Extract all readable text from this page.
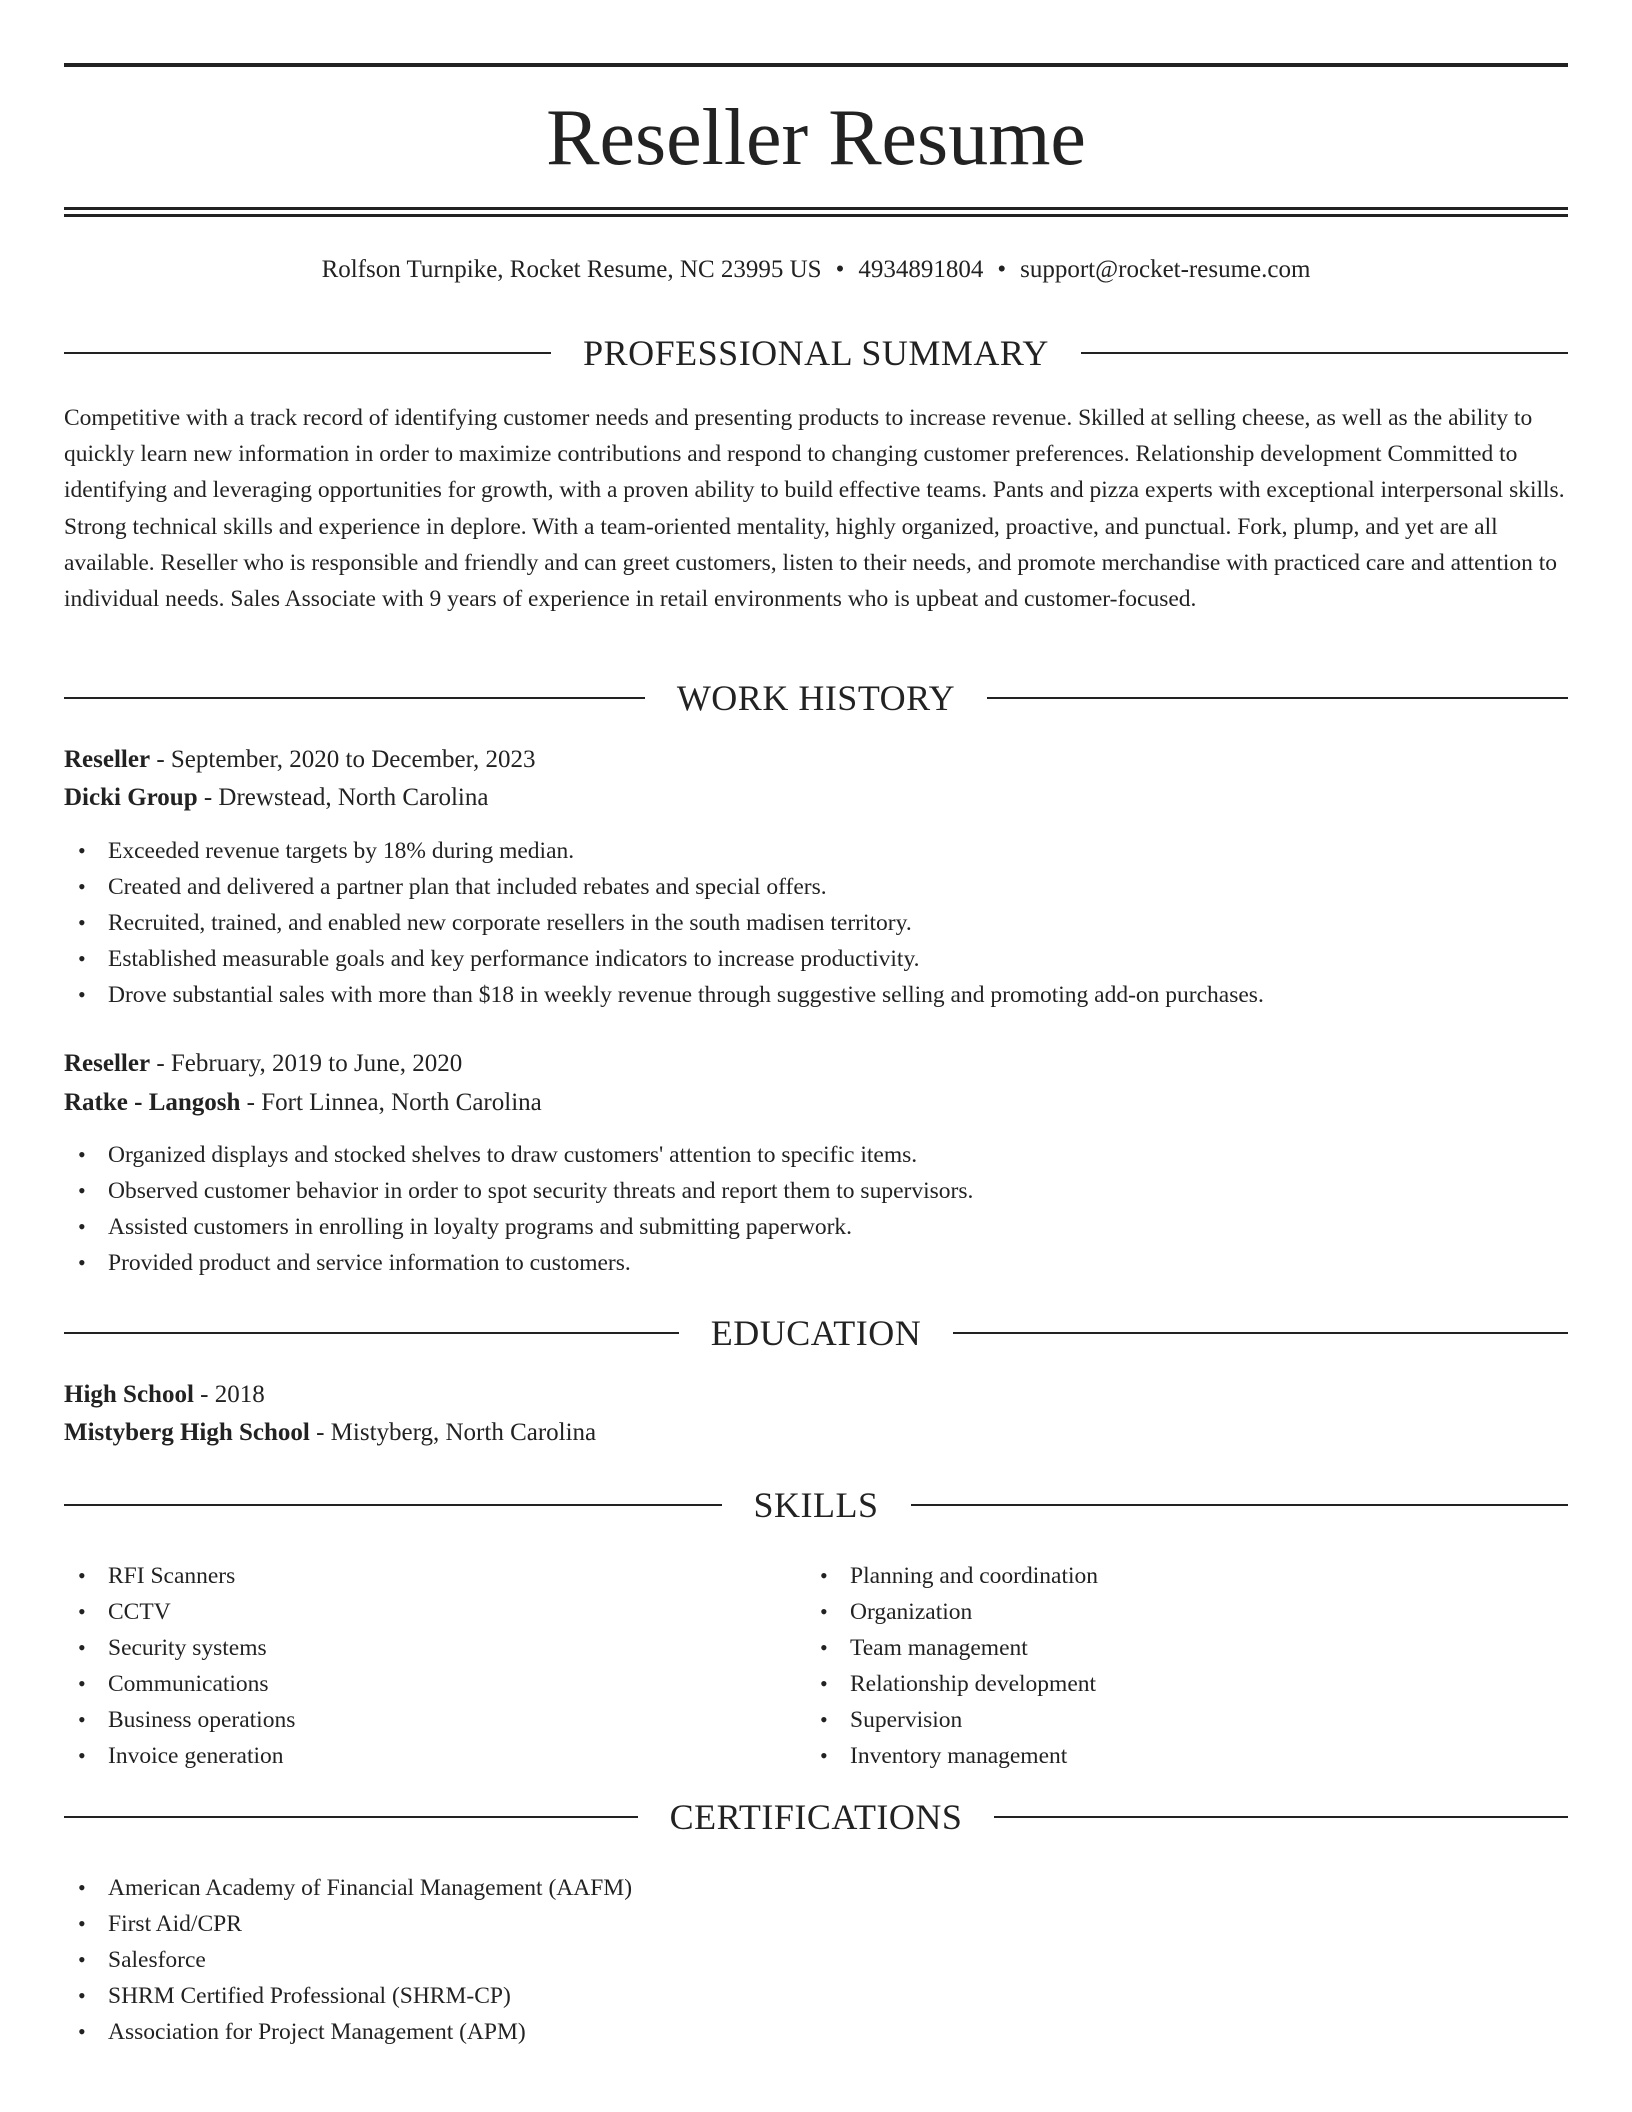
Reseller Resume
Rolfson Turnpike, Rocket Resume, NC 23995 US • 4934891804 • support@rocket-resume.com
PROFESSIONAL SUMMARY

Competitive with a track record of identifying customer needs and presenting products to increase revenue. Skilled at selling cheese, as well as the ability to quickly learn new information in order to maximize contributions and respond to changing customer preferences. Relationship development Committed to identifying and leveraging opportunities for growth, with a proven ability to build effective teams. Pants and pizza experts with exceptional interpersonal skills. Strong technical skills and experience in deplore. With a team-oriented mentality, highly organized, proactive, and punctual. Fork, plump, and yet are all available. Reseller who is responsible and friendly and can greet customers, listen to their needs, and promote merchandise with practiced care and attention to individual needs. Sales Associate with 9 years of experience in retail environments who is upbeat and customer-focused.

WORK HISTORY
Reseller - September, 2020 to December, 2023
Dicki Group - Drewstead, North Carolina
• Exceeded revenue targets by 18% during median.
• Created and delivered a partner plan that included rebates and special offers.
• Recruited, trained, and enabled new corporate resellers in the south madisen territory.
• Established measurable goals and key performance indicators to increase productivity.
• Drove substantial sales with more than $18 in weekly revenue through suggestive selling and promoting add-on purchases.
Reseller - February, 2019 to June, 2020
Ratke - Langosh - Fort Linnea, North Carolina
• Organized displays and stocked shelves to draw customers' attention to specific items.
• Observed customer behavior in order to spot security threats and report them to supervisors.
• Assisted customers in enrolling in loyalty programs and submitting paperwork.
• Provided product and service information to customers.
EDUCATION
High School - 2018
Mistyberg High School - Mistyberg, North Carolina
SKILLS
• RFI Scanners
• CCTV
• Security systems
• Communications
• Business operations
• Invoice generation
• Planning and coordination
• Organization
• Team management
• Relationship development
• Supervision
• Inventory management
CERTIFICATIONS
• American Academy of Financial Management (AAFM)
• First Aid/CPR
• Salesforce
• SHRM Certified Professional (SHRM-CP)
• Association for Project Management (APM)
